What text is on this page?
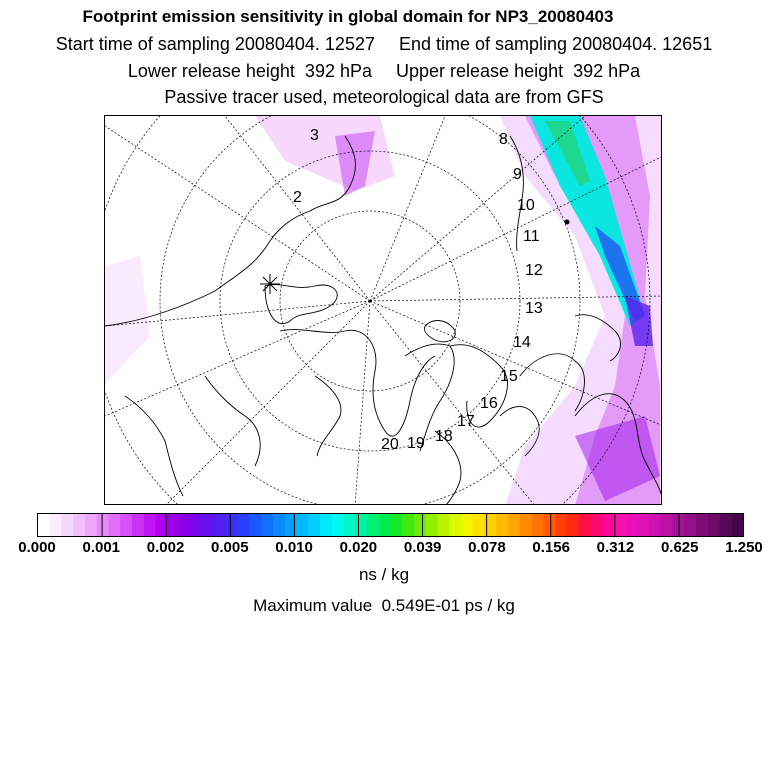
Footprint emission sensitivity in global domain for NP3_20080403
Start time of sampling 20080404. 12527 End time of sampling 20080404. 12651
Lower release height  392 hPa Upper release height  392 hPa
Passive tracer used, meteorological data are from GFS
2
3	8
9
10
11
12
13
14
15
16
17
18
19
20
0.000 0.001 0.002 0.005 0.010 0.020 0.039 0.078 0.156 0.312 0.625 1.250
ns / kg
Maximum value  0.549E-01 ps / kg
